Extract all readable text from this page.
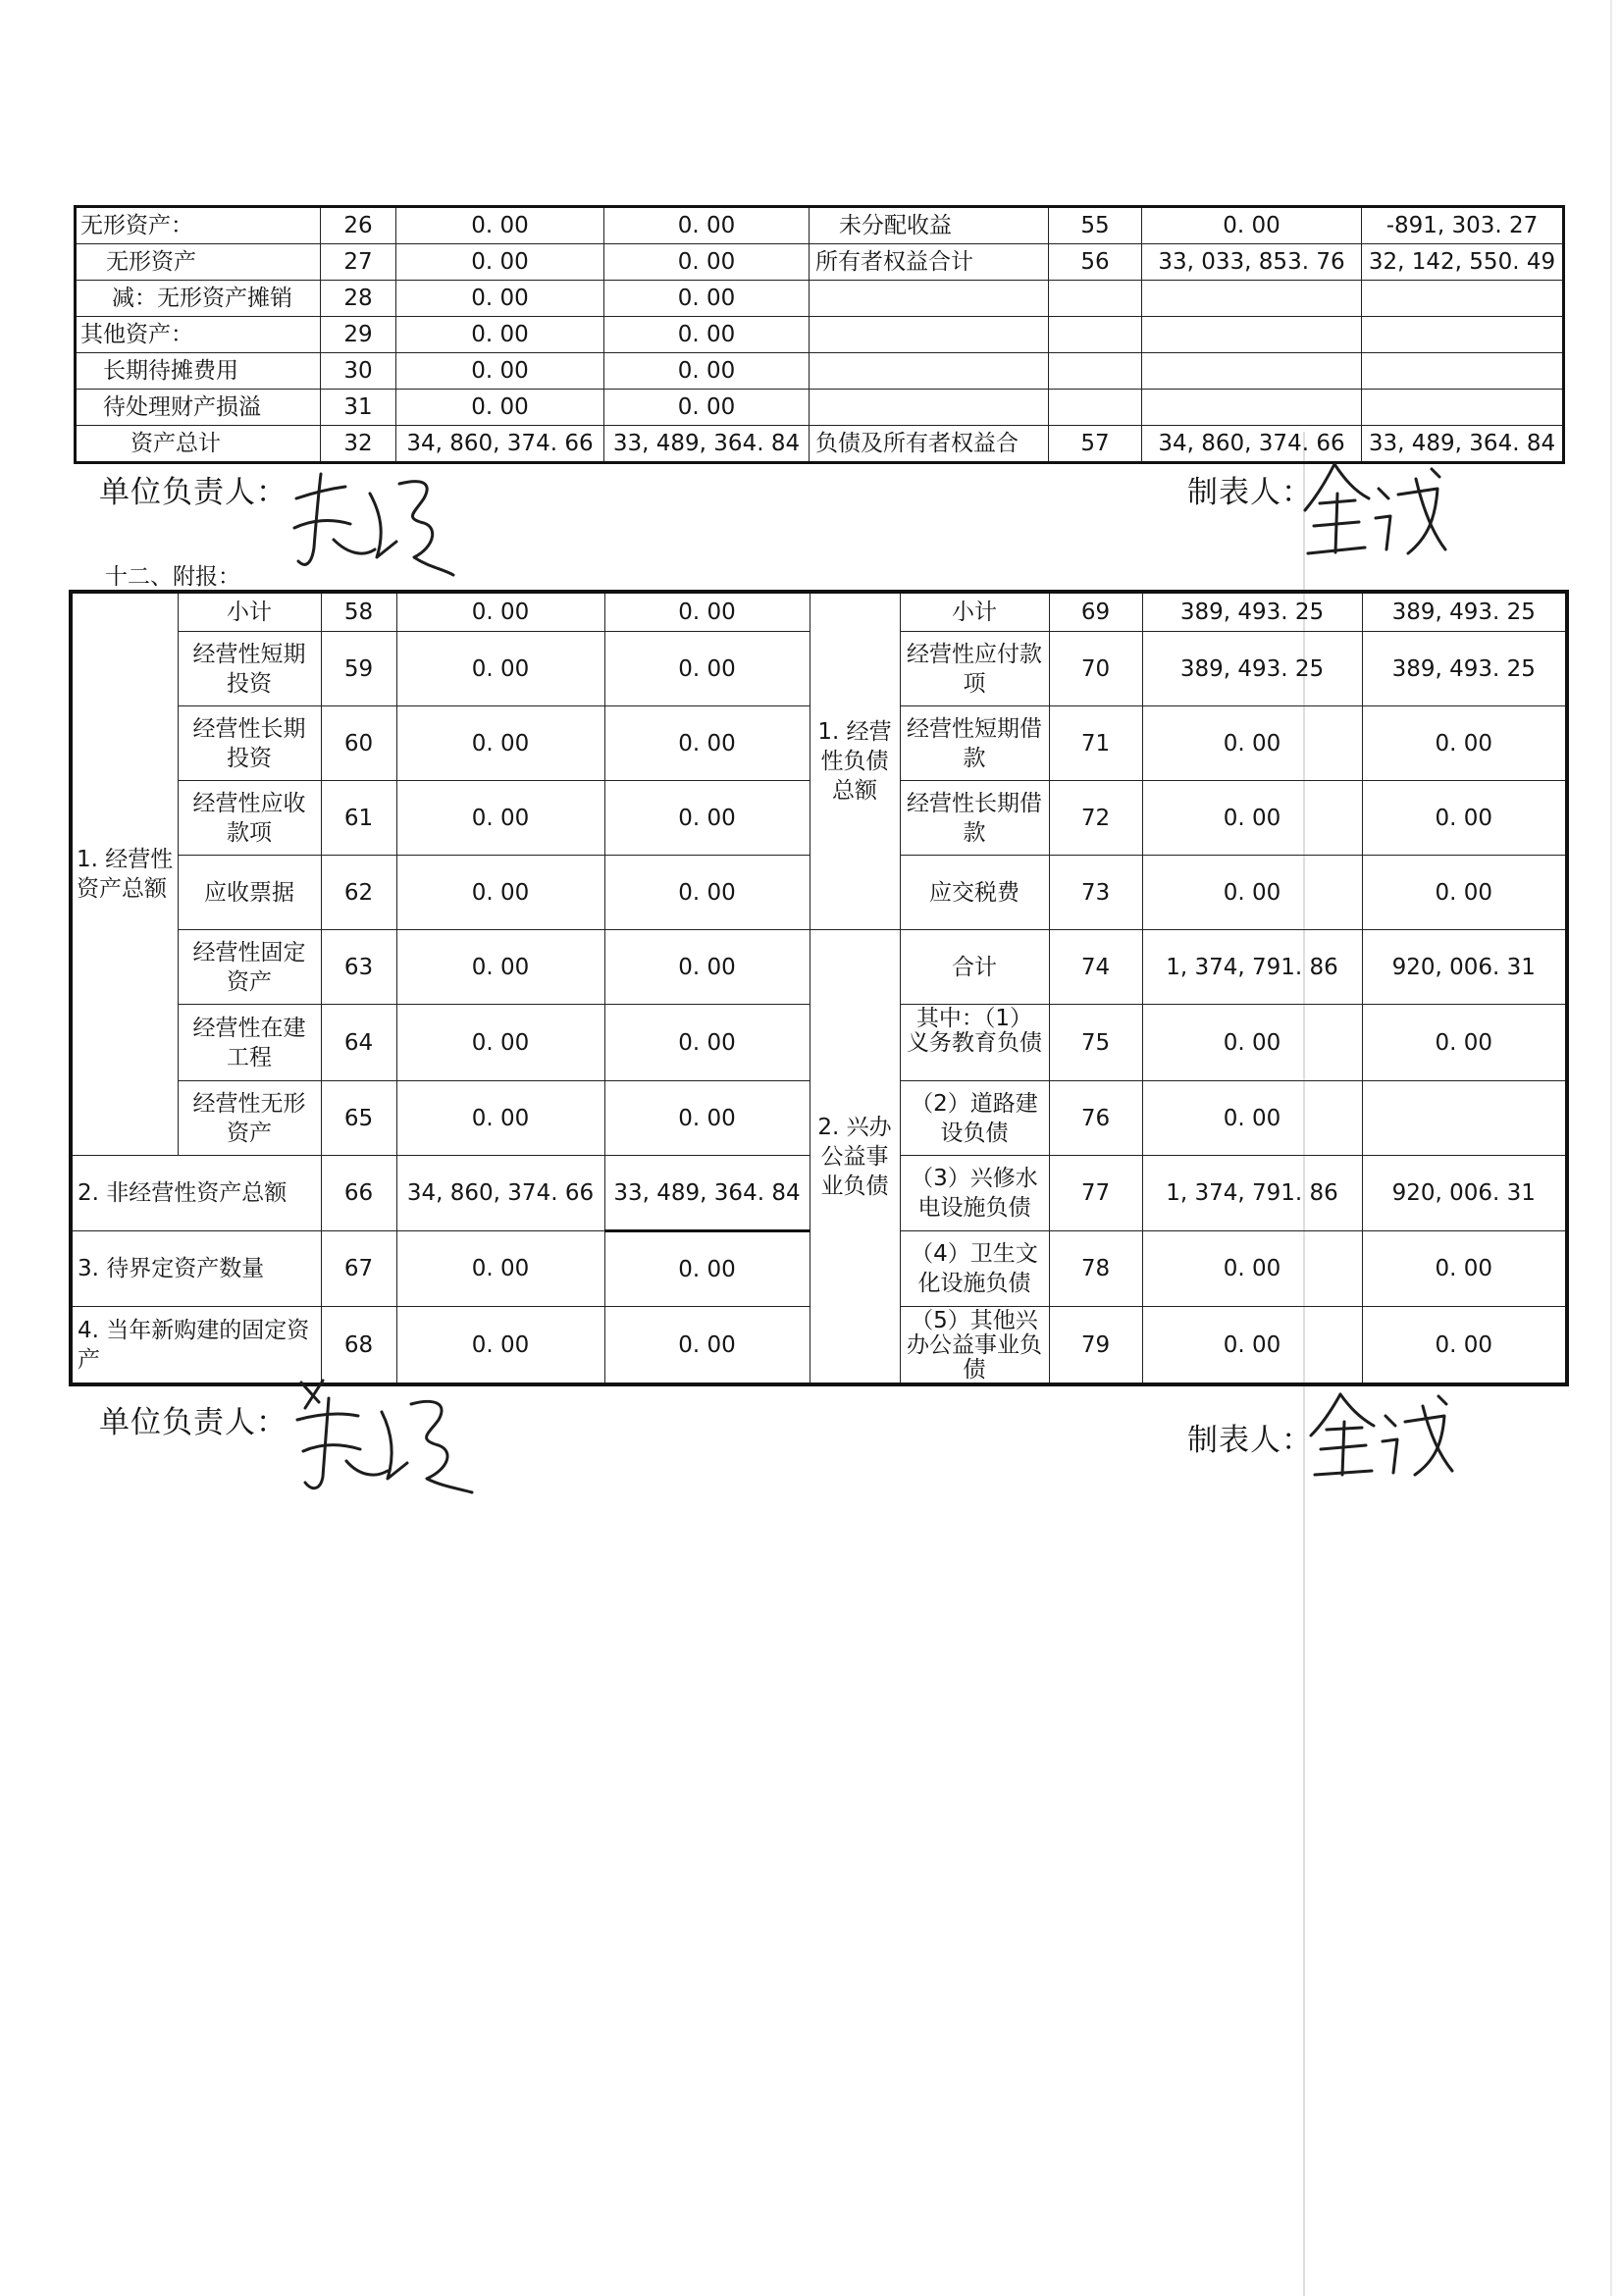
无形资产：	26	0. 00	0. 00	未分配收益	55	0. 00	-891, 303. 27
无形资产	27	0. 00	0. 00	所有者权益合计	56	33, 033, 853. 76	32, 142, 550. 49
减：无形资产摊销	28	0. 00	0. 00				
其他资产：	29	0. 00	0. 00				
长期待摊费用	30	0. 00	0. 00				
待处理财产损溢	31	0. 00	0. 00				
资产总计	32	34, 860, 374. 66	33, 489, 364. 84	负债及所有者权益合	57	34, 860, 374. 66	33, 489, 364. 84
单位负责人：	制表人：
十二、附报：
1. 经营性资产总额	小计	58	0. 00	0. 00	1. 经营性负债总额	小计	69	389, 493. 25	389, 493. 25
	经营性短期投资	59	0. 00	0. 00		经营性应付款项	70	389, 493. 25	389, 493. 25
	经营性长期投资	60	0. 00	0. 00		经营性短期借款	71	0. 00	0. 00
	经营性应收款项	61	0. 00	0. 00		经营性长期借款	72	0. 00	0. 00
	应收票据	62	0. 00	0. 00		应交税费	73	0. 00	0. 00
	经营性固定资产	63	0. 00	0. 00	2. 兴办公益事业负债	合计	74	1, 374, 791. 86	920, 006. 31
	经营性在建工程	64	0. 00	0. 00		其中：（1）义务教育负债	75	0. 00	0. 00
	经营性无形资产	65	0. 00	0. 00		（2）道路建设负债	76	0. 00	
2. 非经营性资产总额		66	34, 860, 374. 66	33, 489, 364. 84		（3）兴修水电设施负债	77	1, 374, 791. 86	920, 006. 31
3. 待界定资产数量		67	0. 00	0. 00		（4）卫生文化设施负债	78	0. 00	0. 00
4. 当年新购建的固定资产		68	0. 00	0. 00		（5）其他兴办公益事业负债	79	0. 00	0. 00
单位负责人：	制表人：
